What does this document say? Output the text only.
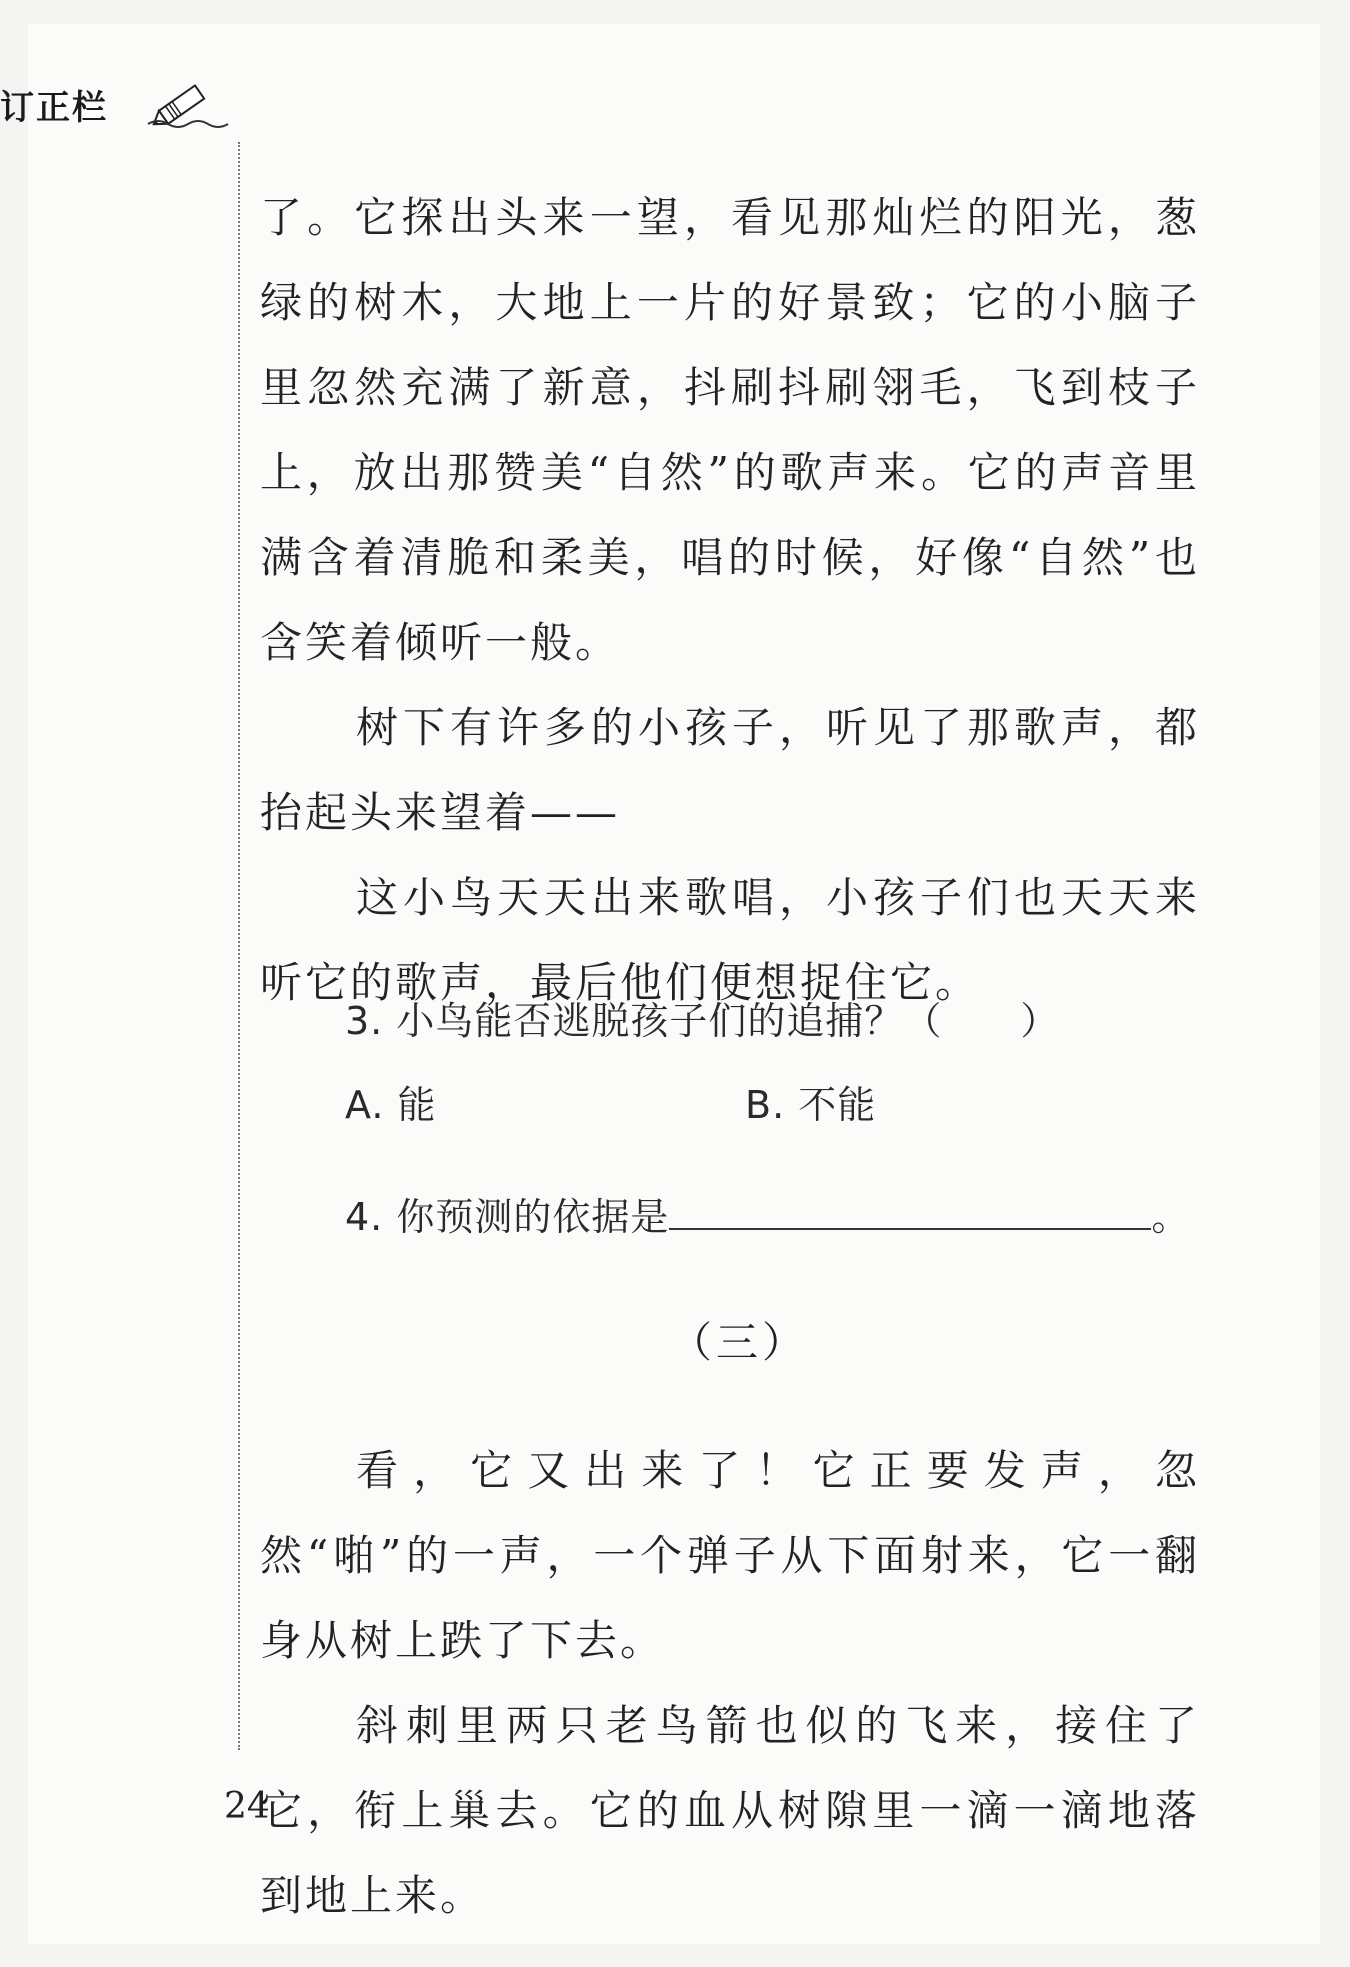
订正栏

了。它探出头来一望，看见那灿烂的阳光，葱绿的树木，大地上一片的好景致；它的小脑子里忽然充满了新意，抖刷抖刷翎毛，飞到枝子上，放出那赞美“自然”的歌声来。它的声音里满含着清脆和柔美，唱的时候，好像“自然”也含笑着倾听一般。

树下有许多的小孩子，听见了那歌声，都抬起头来望着——

这小鸟天天出来歌唱，小孩子们也天天来听它的歌声，最后他们便想捉住它。

3. 小鸟能否逃脱孩子们的追捕？（　　）
A. 能	B. 不能
4. 你预测的依据是	。
（三）

看，它又出来了！它正要发声，忽然“啪”的一声，一个弹子从下面射来，它一翻身从树上跌了下去。

斜刺里两只老鸟箭也似的飞来，接住了它，衔上巢去。它的血从树隙里一滴一滴地落到地上来。

24
